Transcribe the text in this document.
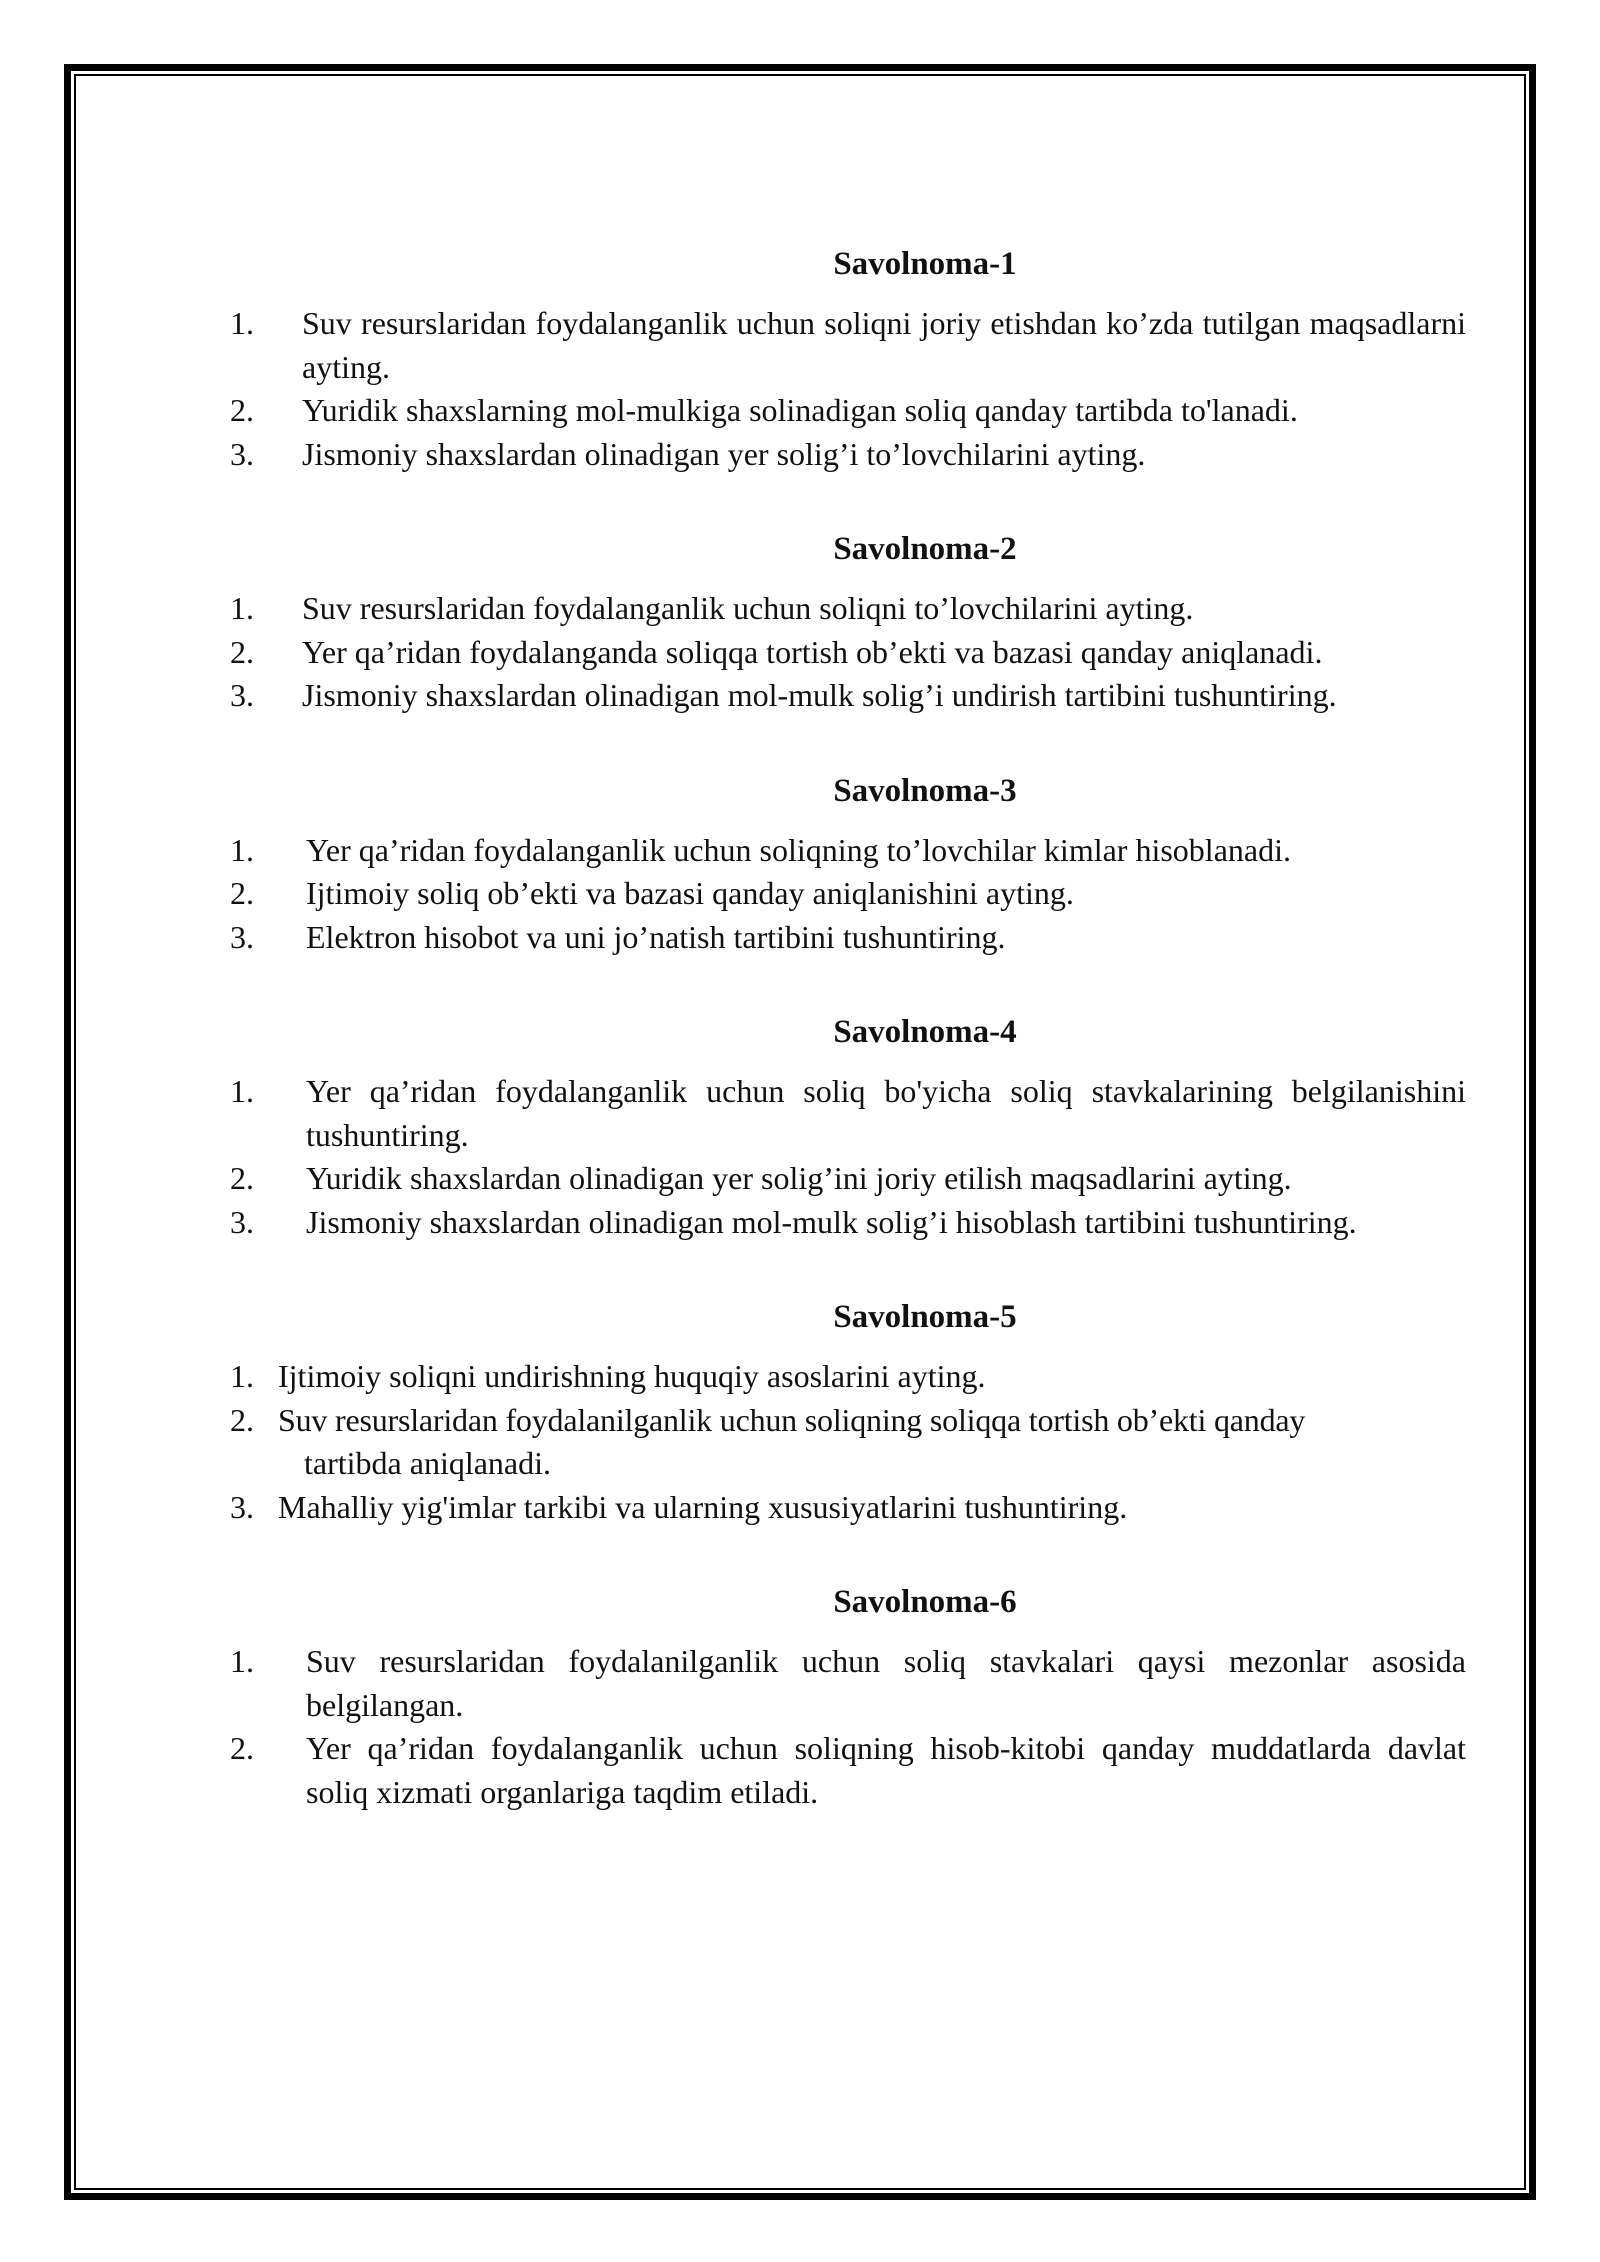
Savolnoma-1
1. Suv resurslaridan foydalanganlik uchun soliqni joriy etishdan ko’zda tutilgan maqsadlarni ayting.
2. Yuridik shaxslarning mol-mulkiga solinadigan soliq qanday tartibda to'lanadi.
3. Jismoniy shaxslardan olinadigan yer solig’i to’lovchilarini ayting.
Savolnoma-2
1. Suv resurslaridan foydalanganlik uchun soliqni to’lovchilarini ayting.
2. Yer qa’ridan foydalanganda soliqqa tortish ob’ekti va bazasi qanday aniqlanadi.
3. Jismoniy shaxslardan olinadigan mol-mulk solig’i undirish tartibini tushuntiring.
Savolnoma-3
1. Yer qa’ridan foydalanganlik uchun soliqning to’lovchilar kimlar hisoblanadi.
2. Ijtimoiy soliq ob’ekti va bazasi qanday aniqlanishini ayting.
3. Elektron hisobot va uni jo’natish tartibini tushuntiring.
Savolnoma-4
1. Yer qa’ridan foydalanganlik uchun soliq bo'yicha soliq stavkalarining belgilanishini tushuntiring.
2. Yuridik shaxslardan olinadigan yer solig’ini joriy etilish maqsadlarini ayting.
3. Jismoniy shaxslardan olinadigan mol-mulk solig’i hisoblash tartibini tushuntiring.
Savolnoma-5
1. Ijtimoiy soliqni undirishning huquqiy asoslarini ayting.
2. Suv resurslaridan foydalanilganlik uchun soliqning soliqqa tortish ob’ekti qanday
tartibda aniqlanadi.
3. Mahalliy yig'imlar tarkibi va ularning xususiyatlarini tushuntiring.
Savolnoma-6
1. Suv resurslaridan foydalanilganlik uchun soliq stavkalari qaysi mezonlar asosida belgilangan.
2. Yer qa’ridan foydalanganlik uchun soliqning hisob-kitobi qanday muddatlarda davlat soliq xizmati organlariga taqdim etiladi.
